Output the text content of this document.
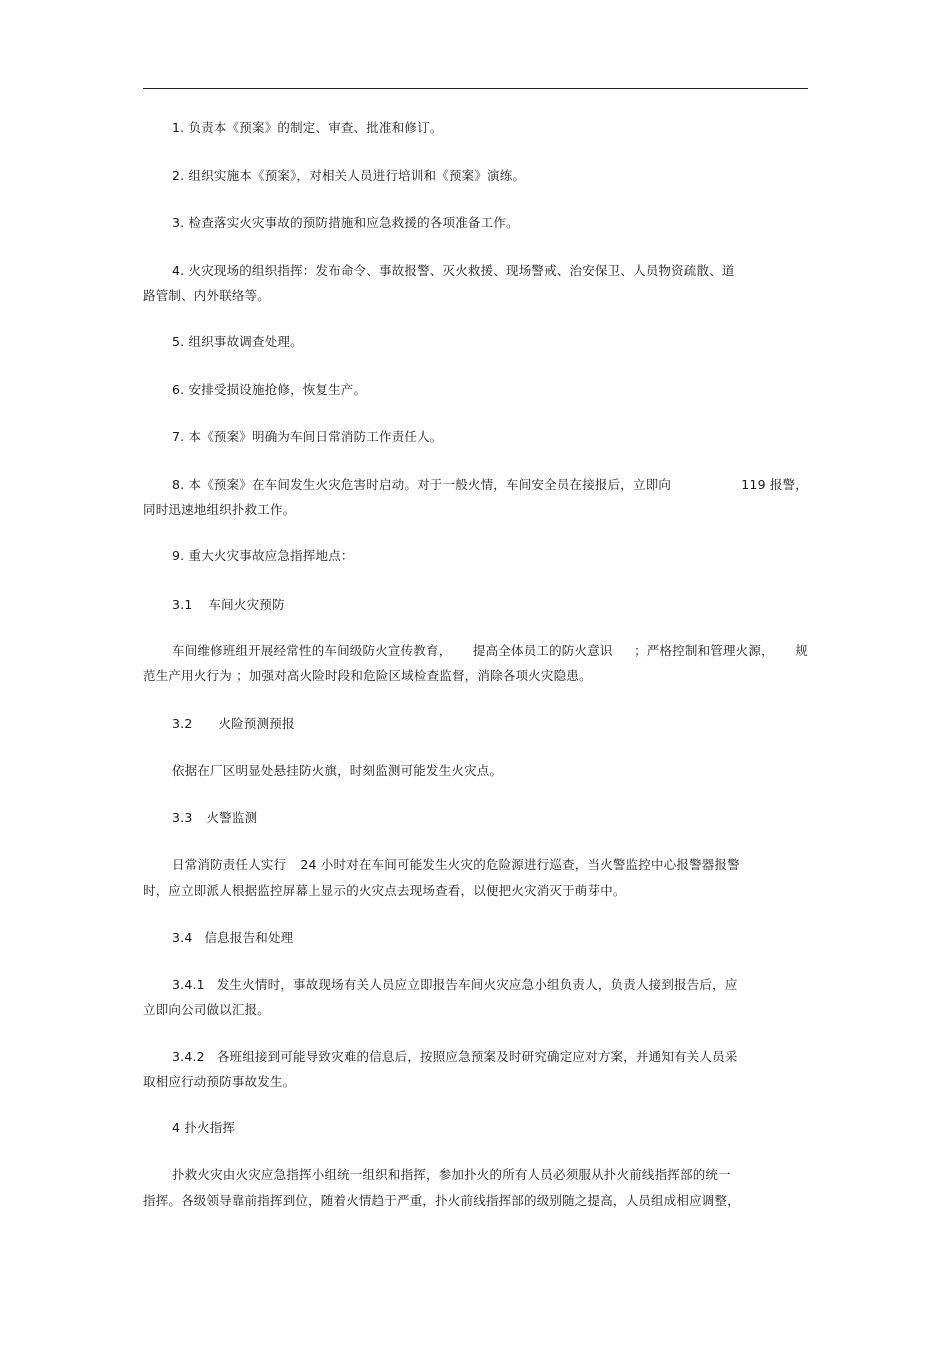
1. 负责本《预案》的制定、审查、批准和修订。
2. 组织实施本《预案》，对相关人员进行培训和《预案》演练。
3. 检查落实火灾事故的预防措施和应急救援的各项准备工作。
4. 火灾现场的组织指挥：发布命令、事故报警、灭火救援、现场警戒、治安保卫、人员物资疏散、道
路管制、内外联络等。
5. 组织事故调查处理。
6. 安排受损设施抢修，恢复生产。
7. 本《预案》明确为车间日常消防工作责任人。
8. 本《预案》在车间发生火灾危害时启动。对于一般火情，车间安全员在接报后，立即向	119 报警，
同时迅速地组织扑救工作。
9. 重大火灾事故应急指挥地点：
3.1 车间火灾预防
车间维修班组开展经常性的车间级防火宣传教育， 提高全体员工的防火意识 ；严格控制和管理火源， 规
范生产用火行为 ；加强对高火险时段和危险区域检查监督，消除各项火灾隐患。
3.2 火险预测预报
依据在厂区明显处悬挂防火旗，时刻监测可能发生火灾点。
3.3 火警监测
日常消防责任人实行 24 小时对在车间可能发生火灾的危险源进行巡查，当火警监控中心报警器报警
时，应立即派人根据监控屏幕上显示的火灾点去现场查看，以便把火灾消灭于萌芽中。
3.4 信息报告和处理
3.4.1 发生火情时，事故现场有关人员应立即报告车间火灾应急小组负责人，负责人接到报告后，应
立即向公司做以汇报。
3.4.2 各班组接到可能导致灾难的信息后，按照应急预案及时研究确定应对方案，并通知有关人员采
取相应行动预防事故发生。
4 扑火指挥
扑救火灾由火灾应急指挥小组统一组织和指挥，参加扑火的所有人员必须服从扑火前线指挥部的统一
指挥。各级领导靠前指挥到位，随着火情趋于严重，扑火前线指挥部的级别随之提高，人员组成相应调整，
